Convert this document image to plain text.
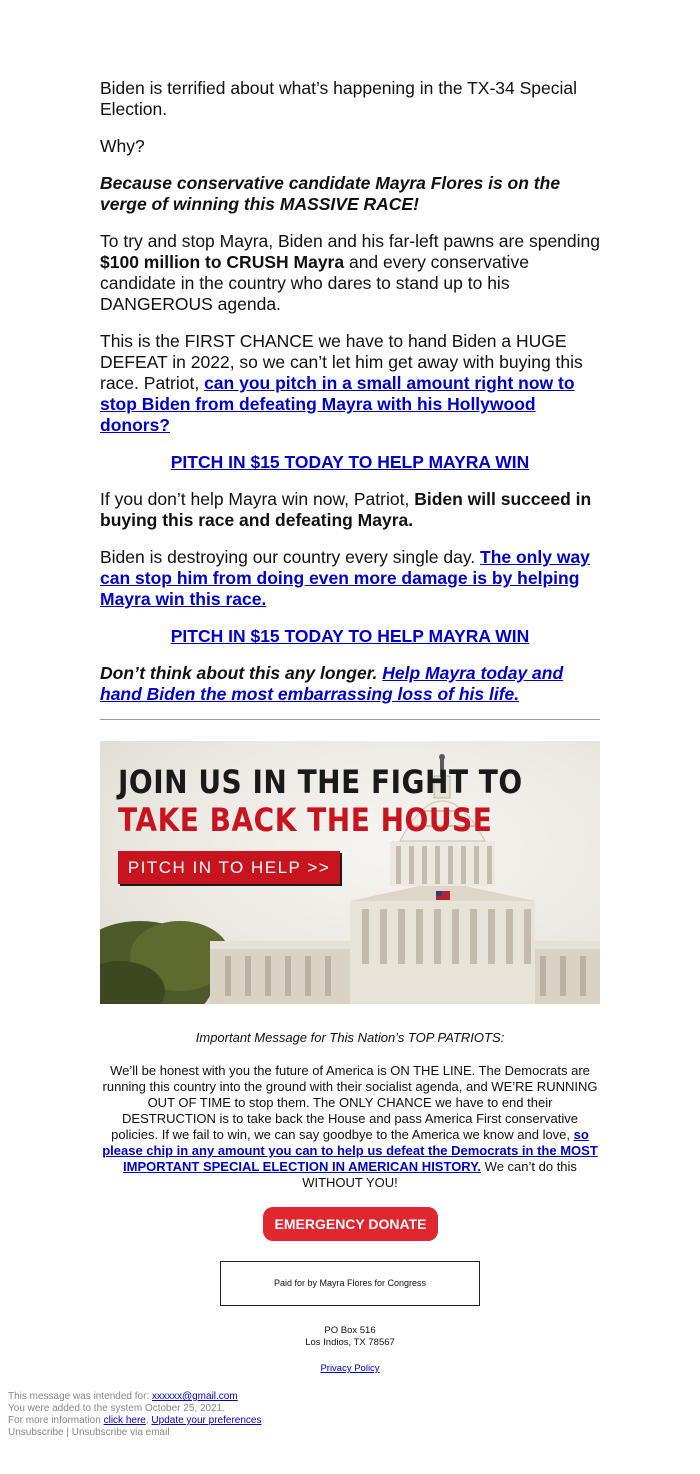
Biden is terrified about what’s happening in the TX-34 Special Election.

Why?

Because conservative candidate Mayra Flores is on the verge of winning this MASSIVE RACE!

To try and stop Mayra, Biden and his far-left pawns are spending $100 million to CRUSH Mayra and every conservative candidate in the country who dares to stand up to his DANGEROUS agenda.

This is the FIRST CHANCE we have to hand Biden a HUGE DEFEAT in 2022, so we can’t let him get away with buying this race. Patriot, can you pitch in a small amount right now to stop Biden from defeating Mayra with his Hollywood donors?

PITCH IN $15 TODAY TO HELP MAYRA WIN

If you don’t help Mayra win now, Patriot, Biden will succeed in buying this race and defeating Mayra.

Biden is destroying our country every single day. The only way can stop him from doing even more damage is by helping Mayra win this race.

PITCH IN $15 TODAY TO HELP MAYRA WIN

Don’t think about this any longer. Help Mayra today and hand Biden the most embarrassing loss of his life.

JOIN US IN THE FIGHT TO
TAKE BACK THE HOUSE
PITCH IN TO HELP >>
Important Message for This Nation’s TOP PATRIOTS:
We’ll be honest with you the future of America is ON THE LINE. The Democrats are running this country into the ground with their socialist agenda, and WE’RE RUNNING OUT OF TIME to stop them. The ONLY CHANCE we have to end their DESTRUCTION is to take back the House and pass America First conservative policies. If we fail to win, we can say goodbye to the America we know and love, so please chip in any amount you can to help us defeat the Democrats in the MOST IMPORTANT SPECIAL ELECTION IN AMERICAN HISTORY. We can’t do this WITHOUT YOU!
EMERGENCY DONATE
Paid for by Mayra Flores for Congress
PO Box 516
Los Indios, TX 78567
Privacy Policy
This message was intended for: xxxxxx@gmail.com
You were added to the system October 25, 2021.
For more information click here, Update your preferences
Unsubscribe | Unsubscribe via email
